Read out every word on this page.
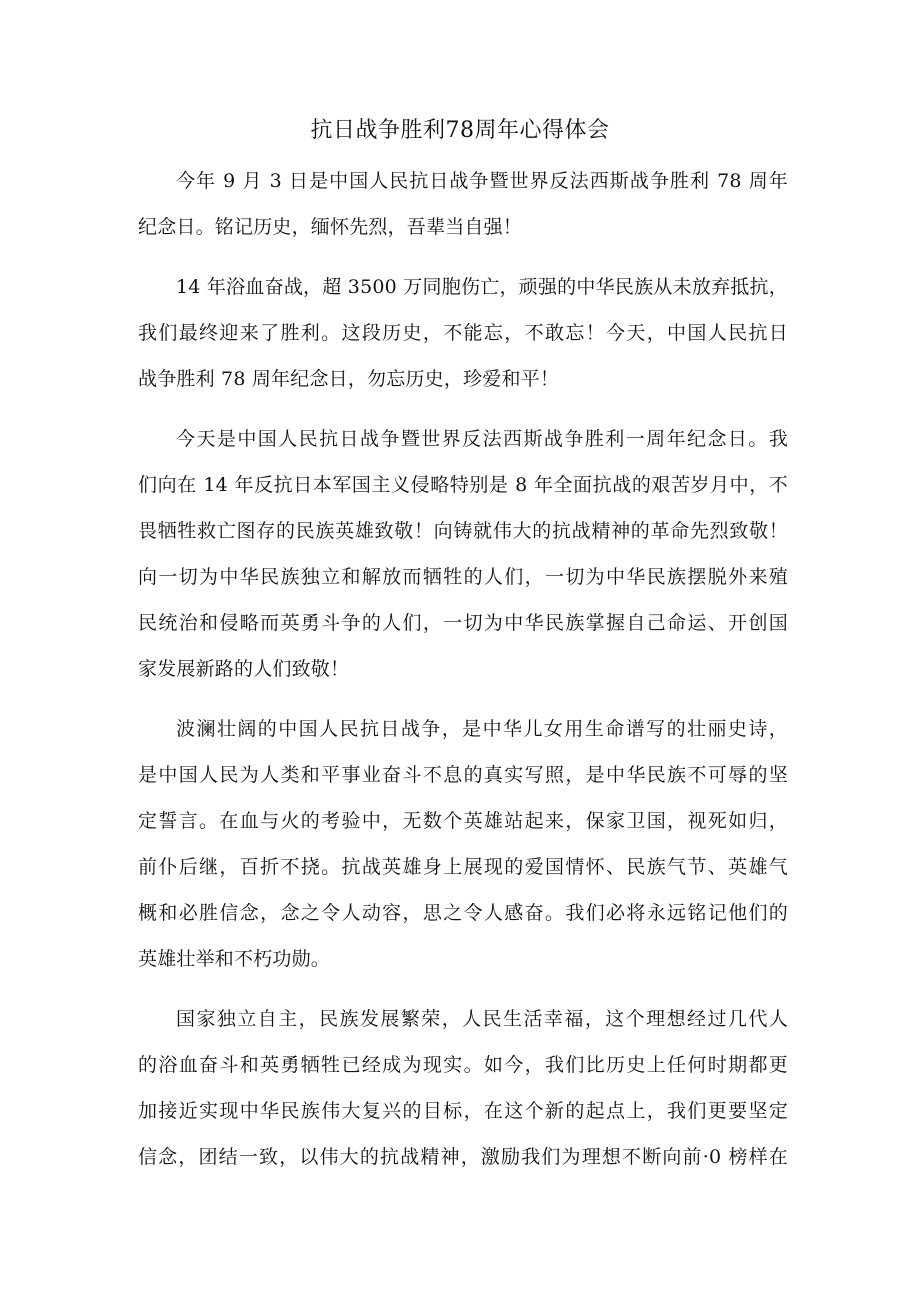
抗日战争胜利78周年心得体会
今年 9 月 3 日是中国人民抗日战争暨世界反法西斯战争胜利 78 周年
纪念日。铭记历史，缅怀先烈，吾辈当自强！
14 年浴血奋战，超 3500 万同胞伤亡，顽强的中华民族从未放弃抵抗，
我们最终迎来了胜利。这段历史，不能忘，不敢忘！今天，中国人民抗日
战争胜利 78 周年纪念日，勿忘历史，珍爱和平！
今天是中国人民抗日战争暨世界反法西斯战争胜利一周年纪念日。我
们向在 14 年反抗日本军国主义侵略特别是 8 年全面抗战的艰苦岁月中，不
畏牺牲救亡图存的民族英雄致敬！向铸就伟大的抗战精神的革命先烈致敬！
向一切为中华民族独立和解放而牺牲的人们，一切为中华民族摆脱外来殖
民统治和侵略而英勇斗争的人们，一切为中华民族掌握自己命运、开创国
家发展新路的人们致敬！
波澜壮阔的中国人民抗日战争，是中华儿女用生命谱写的壮丽史诗，
是中国人民为人类和平事业奋斗不息的真实写照，是中华民族不可辱的坚
定誓言。在血与火的考验中，无数个英雄站起来，保家卫国，视死如归，
前仆后继，百折不挠。抗战英雄身上展现的爱国情怀、民族气节、英雄气
概和必胜信念，念之令人动容，思之令人感奋。我们必将永远铭记他们的
英雄壮举和不朽功勋。
国家独立自主，民族发展繁荣，人民生活幸福，这个理想经过几代人
的浴血奋斗和英勇牺牲已经成为现实。如今，我们比历史上任何时期都更
加接近实现中华民族伟大复兴的目标，在这个新的起点上，我们更要坚定
信念，团结一致，以伟大的抗战精神，激励我们为理想不断向前·0 榜样在
